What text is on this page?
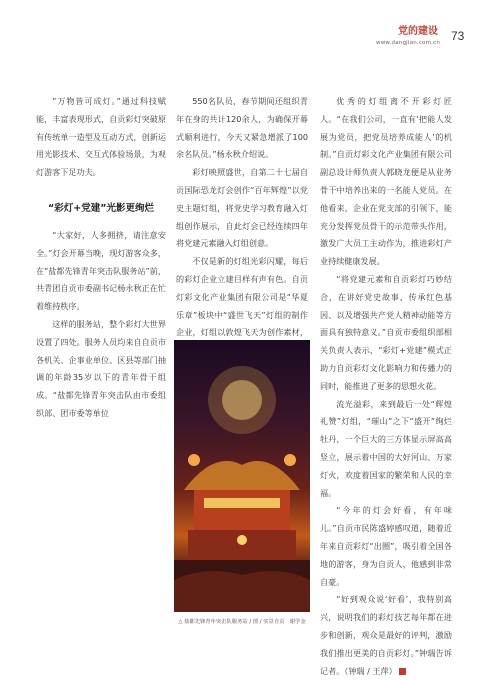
党的建设
www.dangjian.com.cn 73

“万物皆可成灯。”通过科技赋能，丰富表现形式，自贡彩灯突破原有传统单一造型及互动方式，创新运用光影技术、交互式体验场景，为观灯游客下足功夫。

“彩灯+党建”光影更绚烂

“大家好，人多拥挤，请注意安全。”灯会开幕当晚，现灯游客众多，在“盐都先锋青年突击队服务站”前，共青团自贡市委副书记杨永秋正在忙着维持秩序。

这样的服务站，整个彩灯大世界设置了四处。服务人员均来自自贡市各机关、企事业单位、区县等部门抽调的年龄35岁以下的青年骨干组成。“盐都先锋青年突击队由市委组织部、团市委等单位

550名队员，春节期间还组织青年在身的共计120余人，为确保开幕式顺利进行，今天又紧急增派了100余名队员。”杨永秋介绍说。

彩灯映照盛世，自第二十七届自贡国际恐龙灯会创作“百年辉煌”以党史主题灯组，将党史学习教育融入灯组创作展示，自此灯会已经连续四年将党建元素融入灯组创意。

不仅是新的灯组光彩闪耀，每后的彩灯企业立建目样有声有色。自贡灯彩文化产业集团有限公司是“华夏乐章”板块中“盛世飞天”灯组的制作企业，灯组以敦煌飞天为创作素材，

△ 盐都先锋青年突击队服务站 / 图 / 实景自贡　谢学金

优秀的灯组离不开彩灯匠人。“在我们公司，一直有‘把能人发展为党员，把党员培养成能人’的机制。”自贡灯彩文化产业集团有限公司副总设计师负责人郭晓龙便是从业务骨干中培养出来的一名能人党员。在他看来，企业在党支部的引领下，能充分发挥党员骨干的示范带头作用，激发广大员工主动作为，推进彩灯产业持续健康发展。

“将党建元素和自贡彩灯巧妙结合，在讲好党史故事、传承红色基因、以及增强共产党人精神动能等方面具有独特意义。”自贡市委组织部相关负责人表示，“彩灯+党建”模式正助力自贡彩灯文化影响力和传播力的同时，能推进了更多的思想火花。

流光溢彩，来到最后一处“辉煌礼赞”灯组，“璀山”之下“盛开”绚烂牡丹，一个巨大的三方体显示屏高高竖立，展示着中国的大好河山、万家灯火，欢度着国家的繁荣和人民的幸福。

“今年的灯会好看，有年味儿。”自贡市民陈盛婷感叹道，随着近年来自贡彩灯“出圈”，吸引着全国各地的游客，身为自贡人，他感到非常自豪。

“好到观众说‘好看’，我特别高兴，说明我们的彩灯技艺每年都在进步和创新，观众是最好的评判，激励我们推出更美的自贡彩灯。”钟瑞告诉记者。（钟瑞 / 王萍）
